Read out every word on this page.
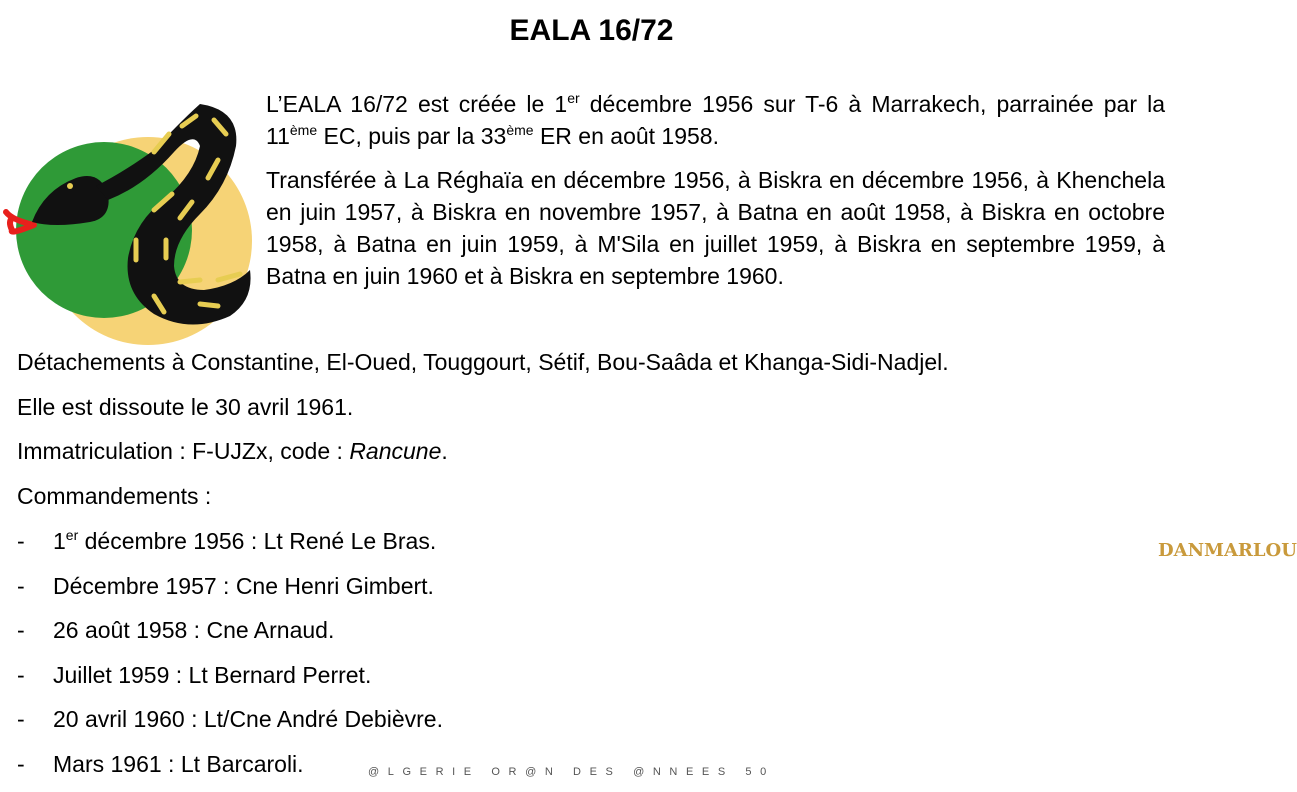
EALA 16/72

L’EALA 16/72 est créée le 1er décembre 1956 sur T-6 à Marrakech, parrainée par la 11ème EC, puis par la 33ème ER en août 1958.

Transférée à La Réghaïa en décembre 1956, à Biskra en décembre 1956, à Khenchela en juin 1957, à Biskra en novembre 1957, à Batna en août 1958, à Biskra en octobre 1958, à Batna en juin 1959, à M'Sila en juillet 1959, à Biskra en septembre 1959, à Batna en juin 1960 et à Biskra en septembre 1960.

Détachements à Constantine, El-Oued, Touggourt, Sétif, Bou-Saâda et Khanga-Sidi-Nadjel.
Elle est dissoute le 30 avril 1961.
Immatriculation : F-UJZx, code : Rancune.
Commandements :
- 1er décembre 1956 : Lt René Le Bras.
- Décembre 1957 : Cne Henri Gimbert.
- 26 août 1958 : Cne Arnaud.
- Juillet 1959 : Lt Bernard Perret.
- 20 avril 1960 : Lt/Cne André Debièvre.
- Mars 1961 : Lt Barcaroli.	@LGERIE OR@N DES @NNEES 50
DANMARLOU
